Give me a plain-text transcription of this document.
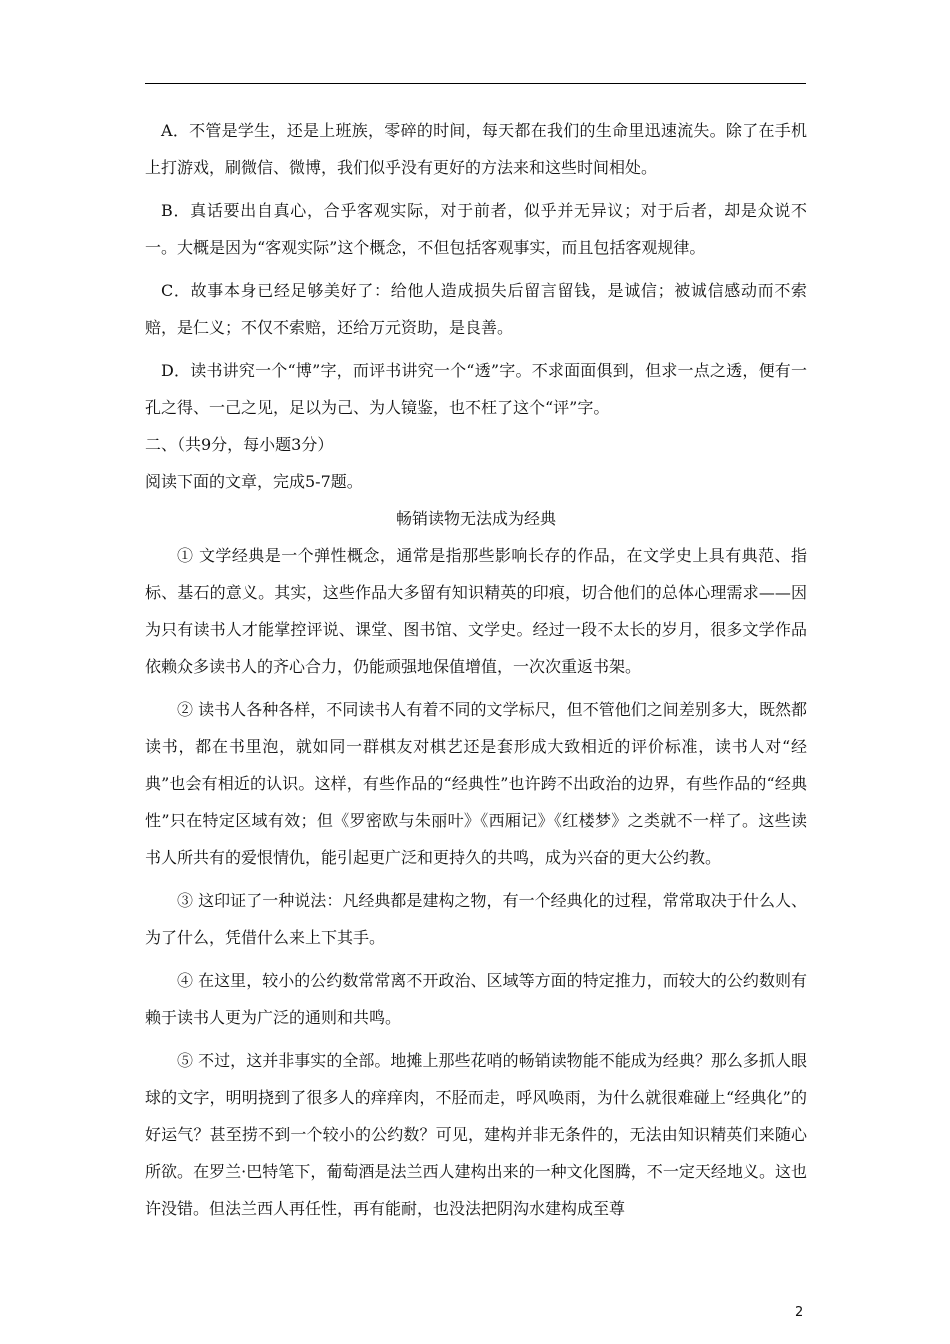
A．不管是学生，还是上班族，零碎的时间，每天都在我们的生命里迅速流失。除了在手机上打游戏，刷微信、微博，我们似乎没有更好的方法来和这些时间相处。

B．真话要出自真心，合乎客观实际，对于前者，似乎并无异议；对于后者，却是众说不一。大概是因为“客观实际”这个概念，不但包括客观事实，而且包括客观规律。

C．故事本身已经足够美好了：给他人造成损失后留言留钱，是诚信；被诚信感动而不索赔，是仁义；不仅不索赔，还给万元资助，是良善。

D．读书讲究一个“博”字，而评书讲究一个“透”字。不求面面俱到，但求一点之透，便有一孔之得、一己之见，足以为己、为人镜鉴，也不枉了这个“评”字。

二、（共9分，每小题3分）

阅读下面的文章，完成5-7题。

畅销读物无法成为经典

① 文学经典是一个弹性概念，通常是指那些影响长存的作品，在文学史上具有典范、指标、基石的意义。其实，这些作品大多留有知识精英的印痕，切合他们的总体心理需求——因为只有读书人才能掌控评说、课堂、图书馆、文学史。经过一段不太长的岁月，很多文学作品依赖众多读书人的齐心合力，仍能顽强地保值增值，一次次重返书架。

② 读书人各种各样，不同读书人有着不同的文学标尺，但不管他们之间差别多大，既然都读书，都在书里泡，就如同一群棋友对棋艺还是套形成大致相近的评价标准，读书人对“经典”也会有相近的认识。这样，有些作品的“经典性”也许跨不出政治的边界，有些作品的“经典性”只在特定区域有效；但《罗密欧与朱丽叶》《西厢记》《红楼梦》之类就不一样了。这些读书人所共有的爱恨情仇，能引起更广泛和更持久的共鸣，成为兴奋的更大公约教。

③ 这印证了一种说法：凡经典都是建构之物，有一个经典化的过程，常常取决于什么人、为了什么，凭借什么来上下其手。

④ 在这里，较小的公约数常常离不开政治、区域等方面的特定推力，而较大的公约数则有赖于读书人更为广泛的通则和共鸣。

⑤ 不过，这并非事实的全部。地摊上那些花哨的畅销读物能不能成为经典？那么多抓人眼球的文字，明明挠到了很多人的痒痒肉，不胫而走，呼风唤雨，为什么就很难碰上“经典化”的好运气？甚至捞不到一个较小的公约数？可见，建构并非无条件的，无法由知识精英们来随心所欲。在罗兰·巴特笔下，葡萄酒是法兰西人建构出来的一种文化图腾，不一定天经地义。这也许没错。但法兰西人再任性，再有能耐，也没法把阴沟水建构成至尊

2
